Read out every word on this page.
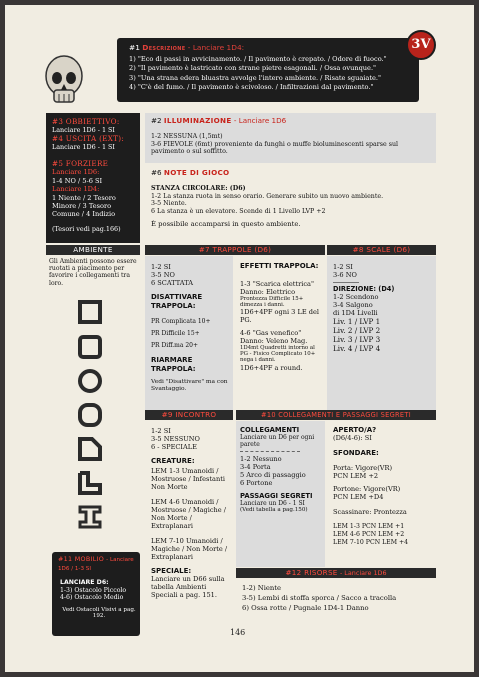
#1 Descrizione - Lanciare 1D4:
1) "Eco di passi in avvicinamento. / Il pavimento è crepato. / Odore di fuoco."
2) "Il pavimento è lastricato con strane pietre esagonali. / Ossa ovunque."
3) "Una strana edera bluastra avvolge l'intero ambiente. / Risate sguaiate."
4) "C'è del fumo. / Il pavimento è scivoloso. / Infiltrazioni dal pavimento."
3V
#3 OBBIETTIVO:
Lanciare 1D6 - 1 SI
#4 USCITA (EXT):
Lanciare 1D6 - 1 SI
#5 FORZIERE
Lanciare 1D6:
1-4 NO / 5-6 SI
Lanciare 1D4:
1 Niente / 2 Tesoro
Minore / 3 Tesoro
Comune / 4 Indizio
(Tesori vedi pag.166)
#2 ILLUMINAZIONE - Lanciare 1D6
1-2 NESSUNA (1,5mt)
3-6 FIEVOLE (6mt) proveniente da funghi o muffe bioluminescenti sparse sul pavimento o sul soffitto.
#6 NOTE DI GIOCO
STANZA CIRCOLARE: (D6)
1-2 La stanza ruota in senso orario. Generare subito un nuovo ambiente.
3-5 Niente.
6 La stanza è un elevatore. Scende di 1 Livello LVP +2
È possibile accamparsi in questo ambiente.
AMBIENTE	#7 TRAPPOLE (D6)	#8 SCALE (D6)
Gli Ambienti possono essere ruotati a piacimento per favorire i collegamenti tra loro.
1-2 SI
3-5 NO
6 SCATTATA
DISATTIVARE TRAPPOLA:
PR Complicata 10+
PR Difficile 15+
PR Diff.ma 20+
RIARMARE TRAPPOLA:
Vedi "Disattivare" ma con Svantaggio.
EFFETTI TRAPPOLA:
1-3 "Scarica elettrica"
Danno: Elettrico
Prontezza Difficile 15+ dimezza i danni.
1D6+4PF ogni 3 LE del PG.
4-6 "Gas venefico"
Danno: Veleno Mag.
1D4mt Quadretti intorno al PG - Fisico Complicato 10+ nega i danni.
1D6+4PF a round.
1-2 SI
3-6 NO
DIREZIONE: (D4)
1-2 Scendono
3-4 Salgono
di 1D4 Livelli
Liv. 1 / LVP 1
Liv. 2 / LVP 2
Liv. 3 / LVP 3
Liv. 4 / LVP 4
#9 INCONTRO	#10 COLLEGAMENTI E PASSAGGI SEGRETI
1-2 SI
3-5 NESSUNO
6 - SPECIALE
CREATURE:
LEM 1-3 Umanoidi / Mostruose / Infestanti Non Morte
LEM 4-6 Umanoidi / Mostruose / Magiche / Non Morte / Extraplanari
LEM 7-10 Umanoidi / Magiche / Non Morte / Extraplanari
SPECIALE:
Lanciare un D66 sulla tabella Ambienti Speciali a pag. 151.
COLLEGAMENTI
Lanciare un D6 per ogni parete
1-2 Nessuno
3-4 Porta
5 Arco di passaggio
6 Portone
PASSAGGI SEGRETI
Lanciare un D6 - 1 SI
(Vedi tabella a pag.150)
APERTO/A?
(D6/4-6): SI
SFONDARE:
Porta: Vigore(VR)
PCN LEM +2
Portone: Vigore(VR)
PCN LEM +D4
Scassinare: Prontezza
LEM 1-3 PCN LEM +1
LEM 4-6 PCN LEM +2
LEM 7-10 PCN LEM +4
#11 MOBILIO - Lanciare 1D6 / 1-3 SI
LANCIARE D6:
1-3) Ostacolo Piccolo
4-6) Ostacolo Medio
Vedi Ostacoli Visivi a pag. 192.
#12 RISORSE - Lanciare 1D6
1-2) Niente
3-5) Lembi di stoffa sporca / Sacco a tracolla
6) Ossa rotte / Pugnale 1D4-1 Danno
146
